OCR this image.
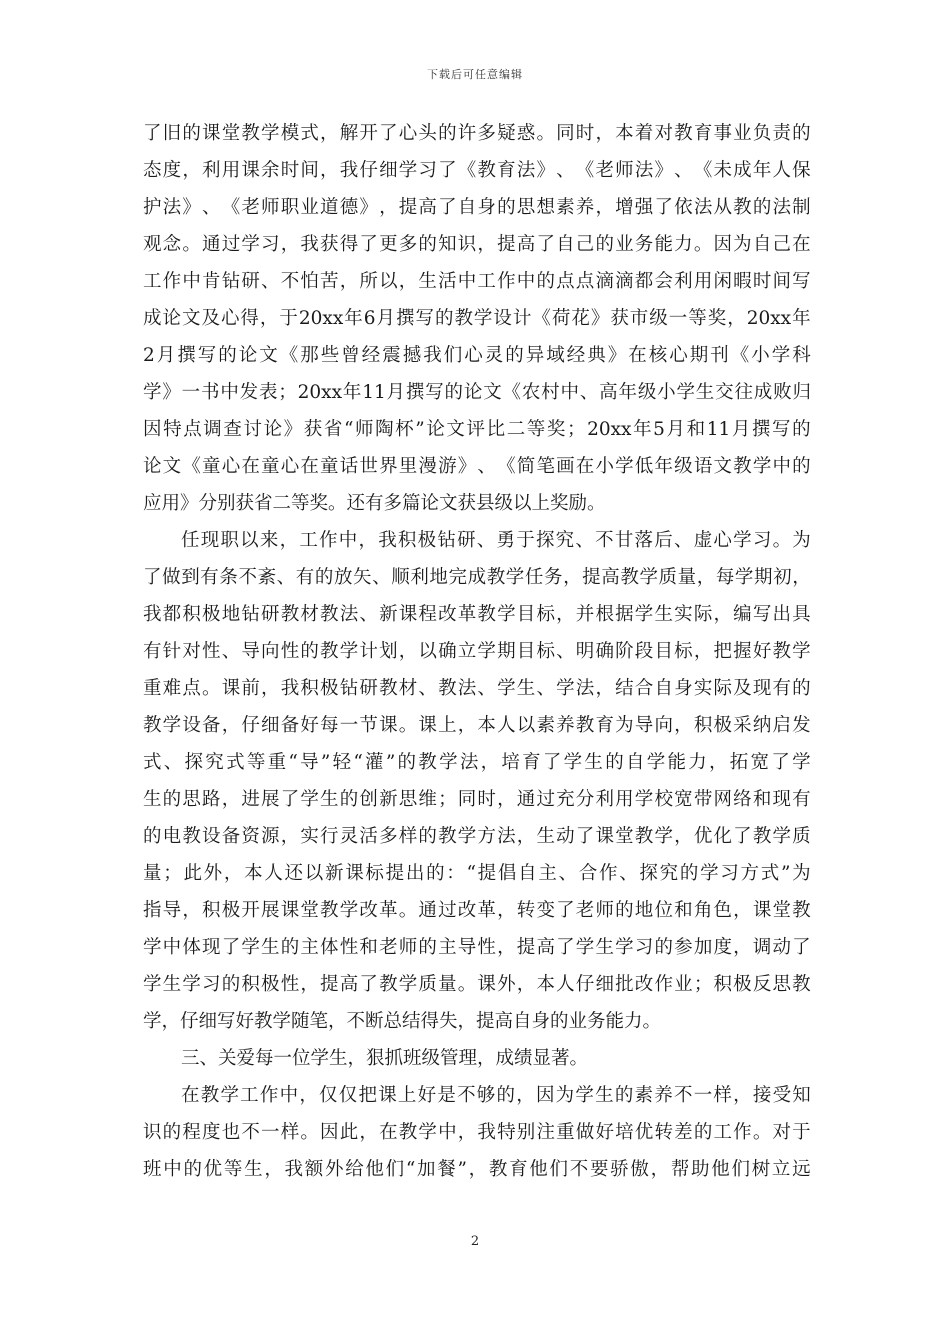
下载后可任意编辑
了 旧 的 课 堂 教 学 模 式 ， 解 开 了 心 头 的 许 多 疑 惑 。 同 时 ， 本 着 对 教 育 事 业 负 责 的
态 度 ， 利 用 课 余 时 间 ， 我 仔 细 学 习 了 《 教 育 法 》 、 《 老 师 法 》 、 《 未 成 年 人 保
护 法 》 、 《 老 师 职 业 道 德 》 ， 提 高 了 自 身 的 思 想 素 养 ， 增 强 了 依 法 从 教 的 法 制
观 念 。 通 过 学 习 ， 我 获 得 了 更 多 的 知 识 ， 提 高 了 自 己 的 业 务 能 力 。 因 为 自 己 在
工 作 中 肯 钻 研 、 不 怕 苦 ， 所 以 ， 生 活 中 工 作 中 的 点 点 滴 滴 都 会 利 用 闲 暇 时 间 写
成 论 文 及 心 得 ， 于 20xx 年 6 月 撰 写 的 教 学 设 计 《 荷 花 》 获 市 级 一 等 奖 ， 20xx 年
2 月 撰 写 的 论 文 《 那 些 曾 经 震 撼 我 们 心 灵 的 异 域 经 典 》 在 核 心 期 刊 《 小 学 科
学 》 一 书 中 发 表 ； 20xx 年 11 月 撰 写 的 论 文 《 农 村 中 、 高 年 级 小 学 生 交 往 成 败 归
因 特 点 调 查 讨 论 》 获 省 “ 师 陶 杯 ” 论 文 评 比 二 等 奖 ； 20xx 年 5 月 和 11 月 撰 写 的
论 文 《 童 心 在 童 心 在 童 话 世 界 里 漫 游 》 、 《 简 笔 画 在 小 学 低 年 级 语 文 教 学 中 的
应用》分别获省二等奖。还有多篇论文获县级以上奖励。
任 现 职 以 来 ， 工 作 中 ， 我 积 极 钻 研 、 勇 于 探 究 、 不 甘 落 后 、 虚 心 学 习 。 为
了 做 到 有 条 不 紊 、 有 的 放 矢 、 顺 利 地 完 成 教 学 任 务 ， 提 高 教 学 质 量 ， 每 学 期 初 ，
我 都 积 极 地 钻 研 教 材 教 法 、 新 课 程 改 革 教 学 目 标 ， 并 根 据 学 生 实 际 ， 编 写 出 具
有 针 对 性 、 导 向 性 的 教 学 计 划 ， 以 确 立 学 期 目 标 、 明 确 阶 段 目 标 ， 把 握 好 教 学
重 难 点 。 课 前 ， 我 积 极 钻 研 教 材 、 教 法 、 学 生 、 学 法 ， 结 合 自 身 实 际 及 现 有 的
教 学 设 备 ， 仔 细 备 好 每 一 节 课 。 课 上 ， 本 人 以 素 养 教 育 为 导 向 ， 积 极 采 纳 启 发
式 、 探 究 式 等 重 “ 导 ” 轻 “ 灌 ” 的 教 学 法 ， 培 育 了 学 生 的 自 学 能 力 ， 拓 宽 了 学
生 的 思 路 ， 进 展 了 学 生 的 创 新 思 维 ； 同 时 ， 通 过 充 分 利 用 学 校 宽 带 网 络 和 现 有
的 电 教 设 备 资 源 ， 实 行 灵 活 多 样 的 教 学 方 法 ， 生 动 了 课 堂 教 学 ， 优 化 了 教 学 质
量 ； 此 外 ， 本 人 还 以 新 课 标 提 出 的 ： “ 提 倡 自 主 、 合 作 、 探 究 的 学 习 方 式 ” 为
指 导 ， 积 极 开 展 课 堂 教 学 改 革 。 通 过 改 革 ， 转 变 了 老 师 的 地 位 和 角 色 ， 课 堂 教
学 中 体 现 了 学 生 的 主 体 性 和 老 师 的 主 导 性 ， 提 高 了 学 生 学 习 的 参 加 度 ， 调 动 了
学 生 学 习 的 积 极 性 ， 提 高 了 教 学 质 量 。 课 外 ， 本 人 仔 细 批 改 作 业 ； 积 极 反 思 教
学，仔细写好教学随笔，不断总结得失，提高自身的业务能力。
三、关爱每一位学生，狠抓班级管理，成绩显著。
在 教 学 工 作 中 ， 仅 仅 把 课 上 好 是 不 够 的 ， 因 为 学 生 的 素 养 不 一 样 ， 接 受 知
识 的 程 度 也 不 一 样 。 因 此 ， 在 教 学 中 ， 我 特 别 注 重 做 好 培 优 转 差 的 工 作 。 对 于
班 中 的 优 等 生 ， 我 额 外 给 他 们 “ 加 餐 ” ， 教 育 他 们 不 要 骄 傲 ， 帮 助 他 们 树 立 远
2
